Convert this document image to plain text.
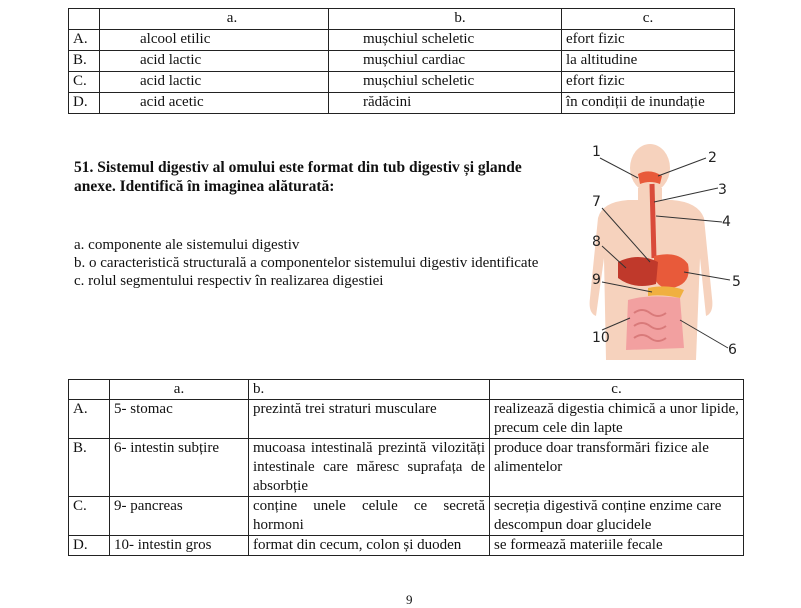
	a.	b.	c.
A.	alcool etilic	mușchiul scheletic	efort fizic
B.	acid lactic	mușchiul cardiac	la altitudine
C.	acid lactic	mușchiul scheletic	efort fizic
D.	acid acetic	rădăcini	în condiții de inundație

51. Sistemul digestiv al omului este format din tub digestiv și glande anexe. Identifică în imaginea alăturată:

a. componente ale sistemului digestiv

b. o caracteristică structurală a componentelor sistemului digestiv identificate

c. rolul segmentului respectiv în realizarea digestiei

1	2
3
4
5
6
7
8
9
10
	a.	b.	c.
A.	5- stomac	prezintă trei straturi musculare	realizează digestia chimică a unor lipide, precum cele din lapte
B.	6- intestin subțire	mucoasa intestinală prezintă vilozități intestinale care măresc suprafața de absorbție	produce doar transformări fizice ale alimentelor
C.	9- pancreas	conține unele celule ce secretă hormoni	secreția digestivă conține enzime care descompun doar glucidele
D.	10- intestin gros	format din cecum, colon și duoden	se formează materiile fecale
9
